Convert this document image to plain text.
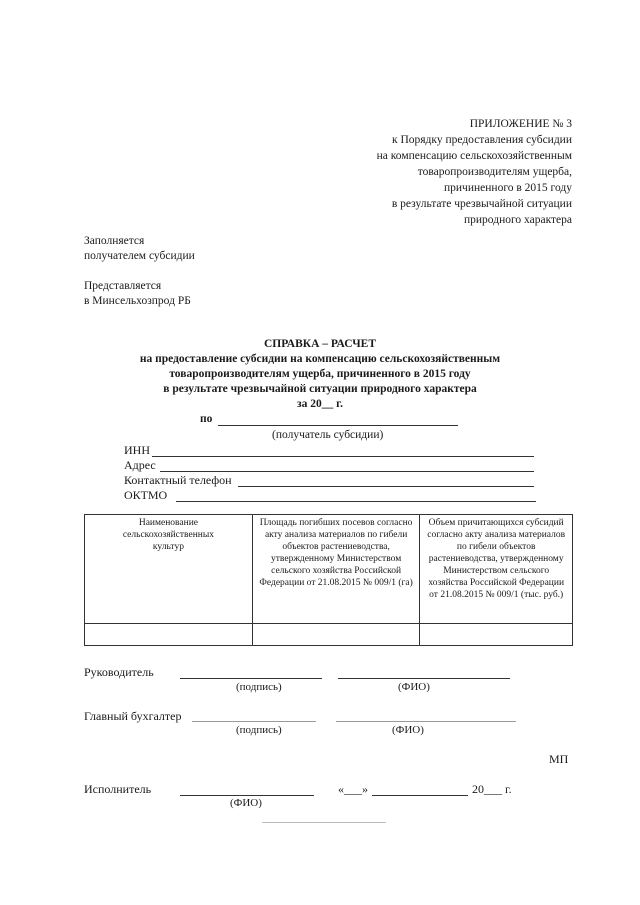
ПРИЛОЖЕНИЕ № 3
к Порядку предоставления субсидии
на компенсацию сельскохозяйственным
товаропроизводителям ущерба,
причиненного в 2015 году
в результате чрезвычайной ситуации
природного характера
Заполняется
получателем субсидии
Представляется
в Минсельхозпрод РБ
СПРАВКА – РАСЧЕТ
на предоставление субсидии на компенсацию сельскохозяйственным
товаропроизводителям ущерба, причиненного в 2015 году
в результате чрезвычайной ситуации природного характера
за 20__ г.
по
(получатель субсидии)
ИНН
Адрес
Контактный телефон
ОКТМО
Наименование сельскохозяйственных культур	Площадь погибших посевов согласно акту анализа материалов по гибели объектов растениеводства, утвержденному Министерством сельского хозяйства Российской Федерации от 21.08.2015 № 009/1 (га)	Объем причитающихся субсидий согласно акту анализа материалов по гибели объектов растениеводства, утвержденному Министерством сельского хозяйства Российской Федерации от 21.08.2015 № 009/1 (тыс. руб.)

Руководитель
(подпись)	(ФИО)
Главный бухгалтер
(подпись)	(ФИО)
МП
Исполнитель
(ФИО)
«___»	20___ г.
